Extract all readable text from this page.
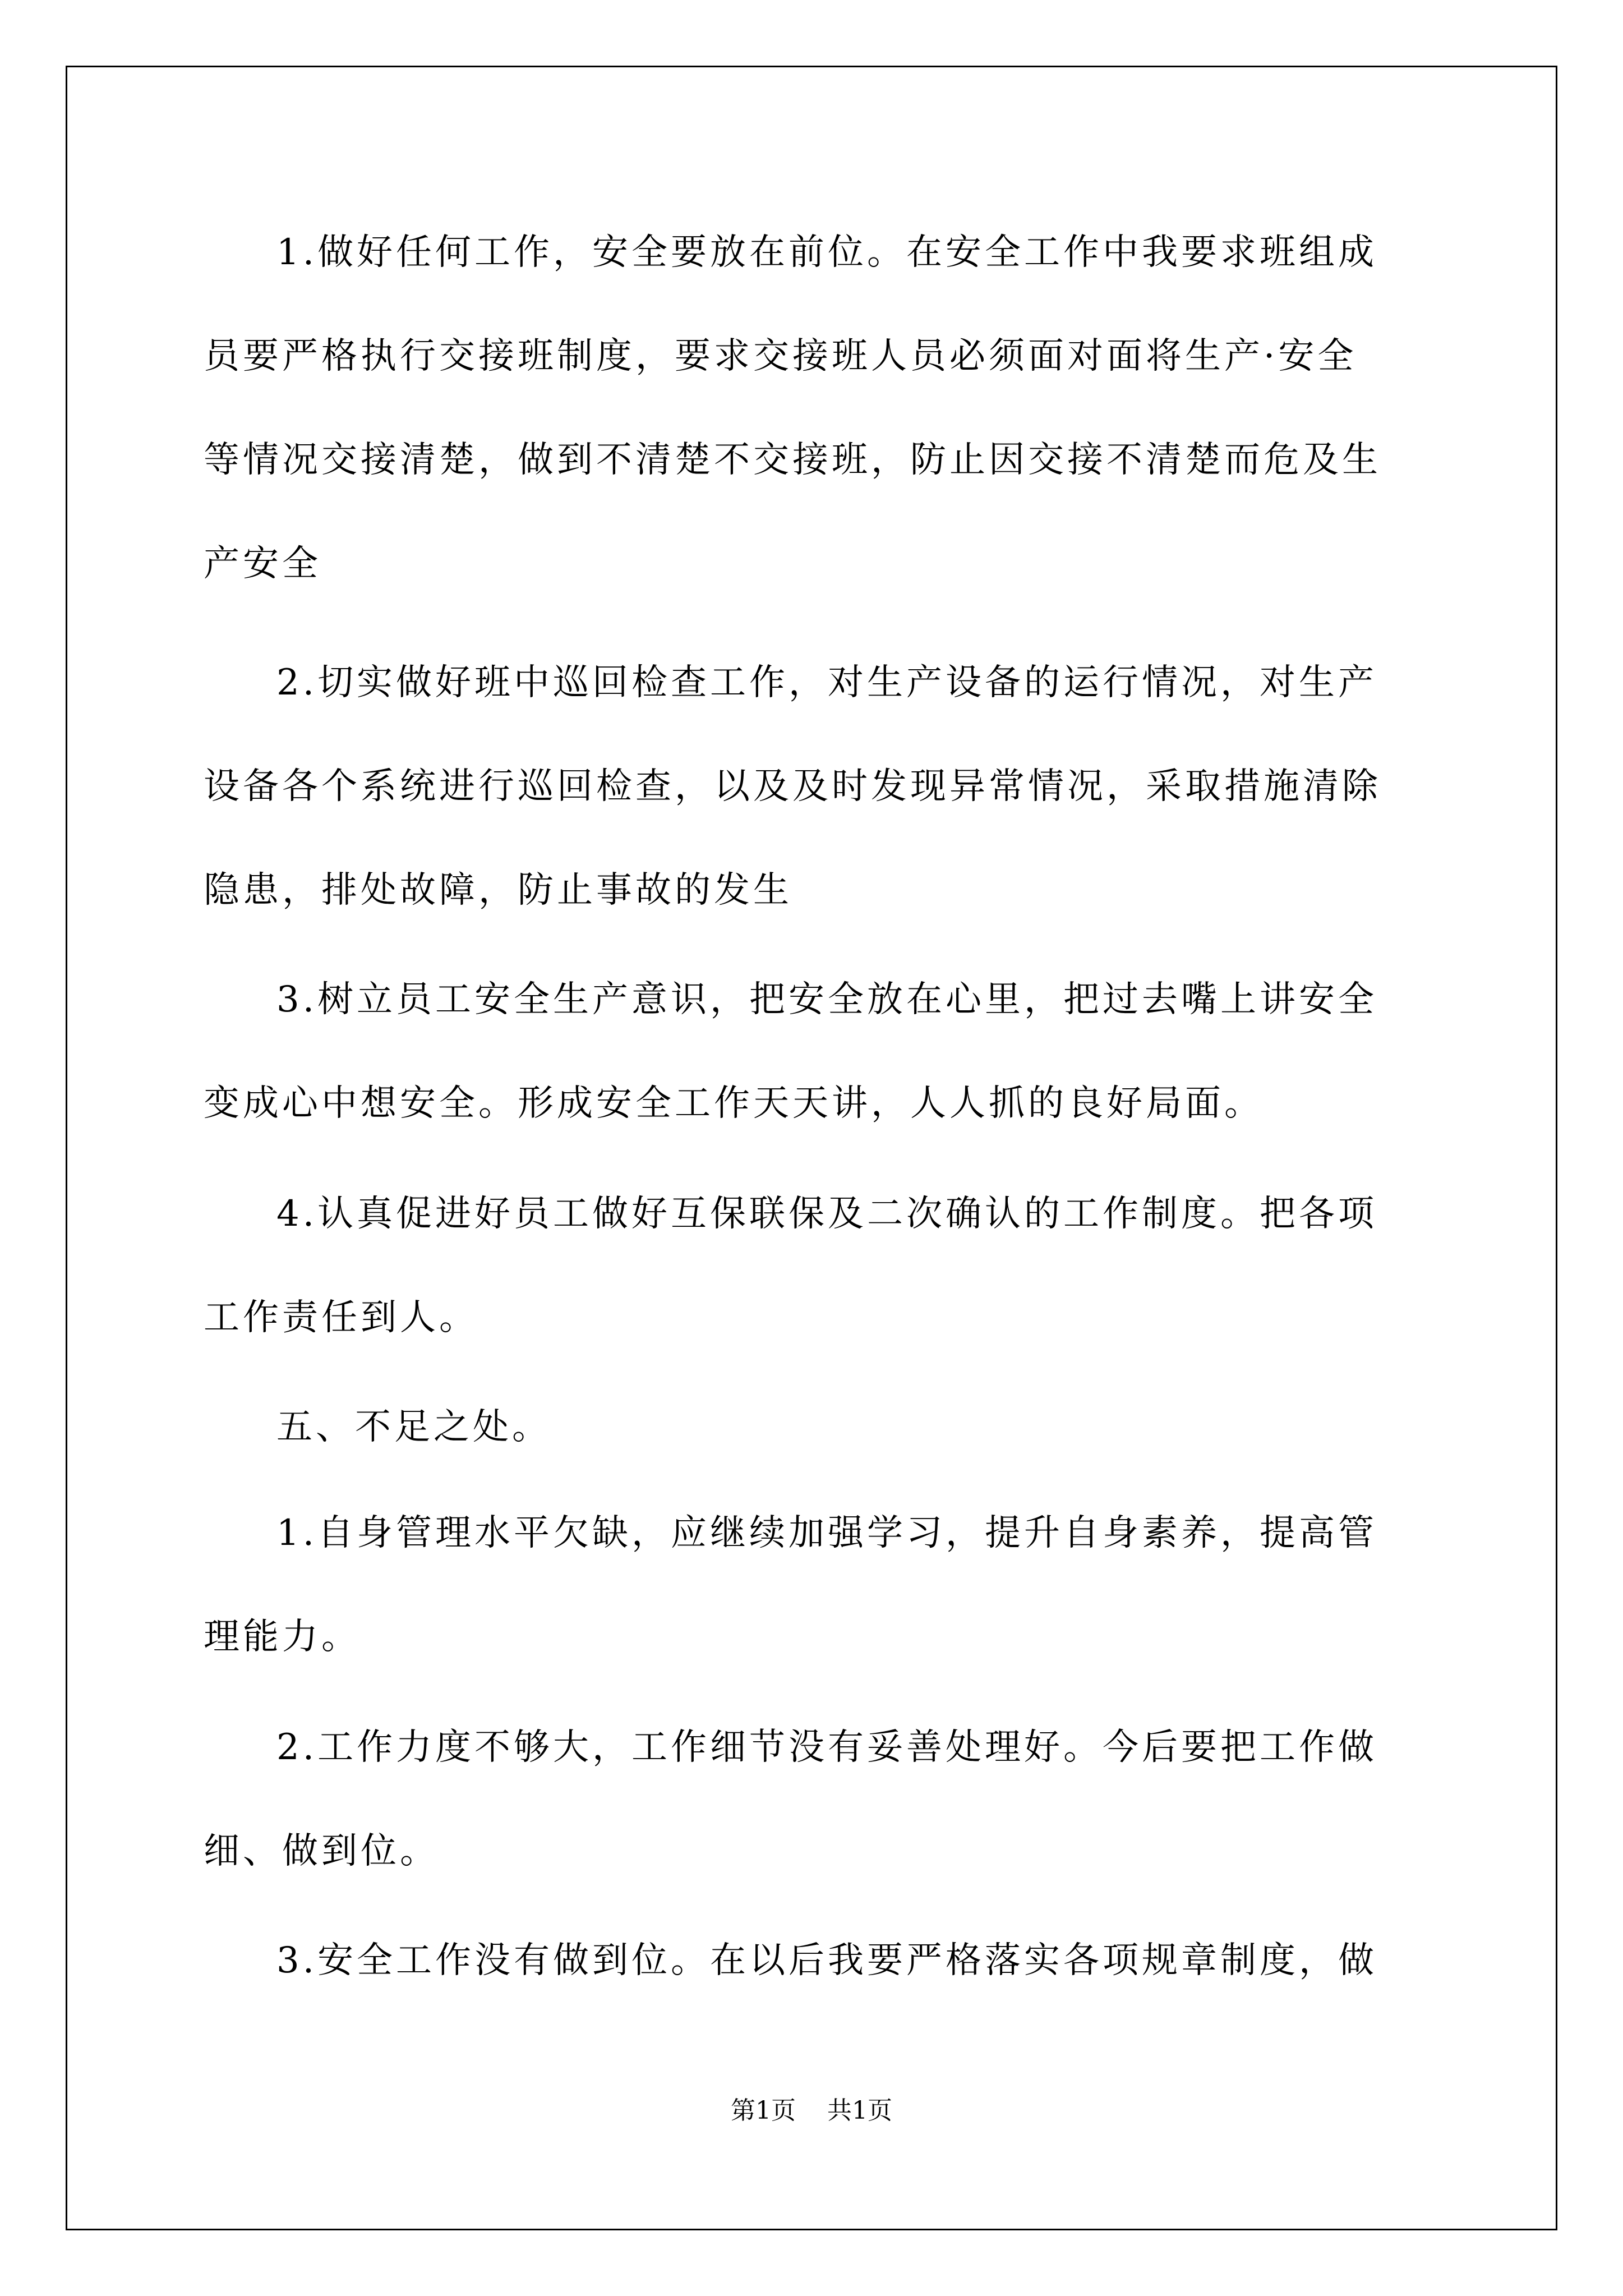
1.做好任何工作，安全要放在前位。在安全工作中我要求班组成
员要严格执行交接班制度，要求交接班人员必须面对面将生产·安全
等情况交接清楚，做到不清楚不交接班，防止因交接不清楚而危及生
产安全
2.切实做好班中巡回检查工作，对生产设备的运行情况，对生产
设备各个系统进行巡回检查，以及及时发现异常情况，采取措施清除
隐患，排处故障，防止事故的发生
3.树立员工安全生产意识，把安全放在心里，把过去嘴上讲安全
变成心中想安全。形成安全工作天天讲，人人抓的良好局面。
4.认真促进好员工做好互保联保及二次确认的工作制度。把各项
工作责任到人。
五、不足之处。
1.自身管理水平欠缺，应继续加强学习，提升自身素养，提高管
理能力。
2.工作力度不够大，工作细节没有妥善处理好。今后要把工作做
细、做到位。
3.安全工作没有做到位。在以后我要严格落实各项规章制度，做
第1页 共1页
